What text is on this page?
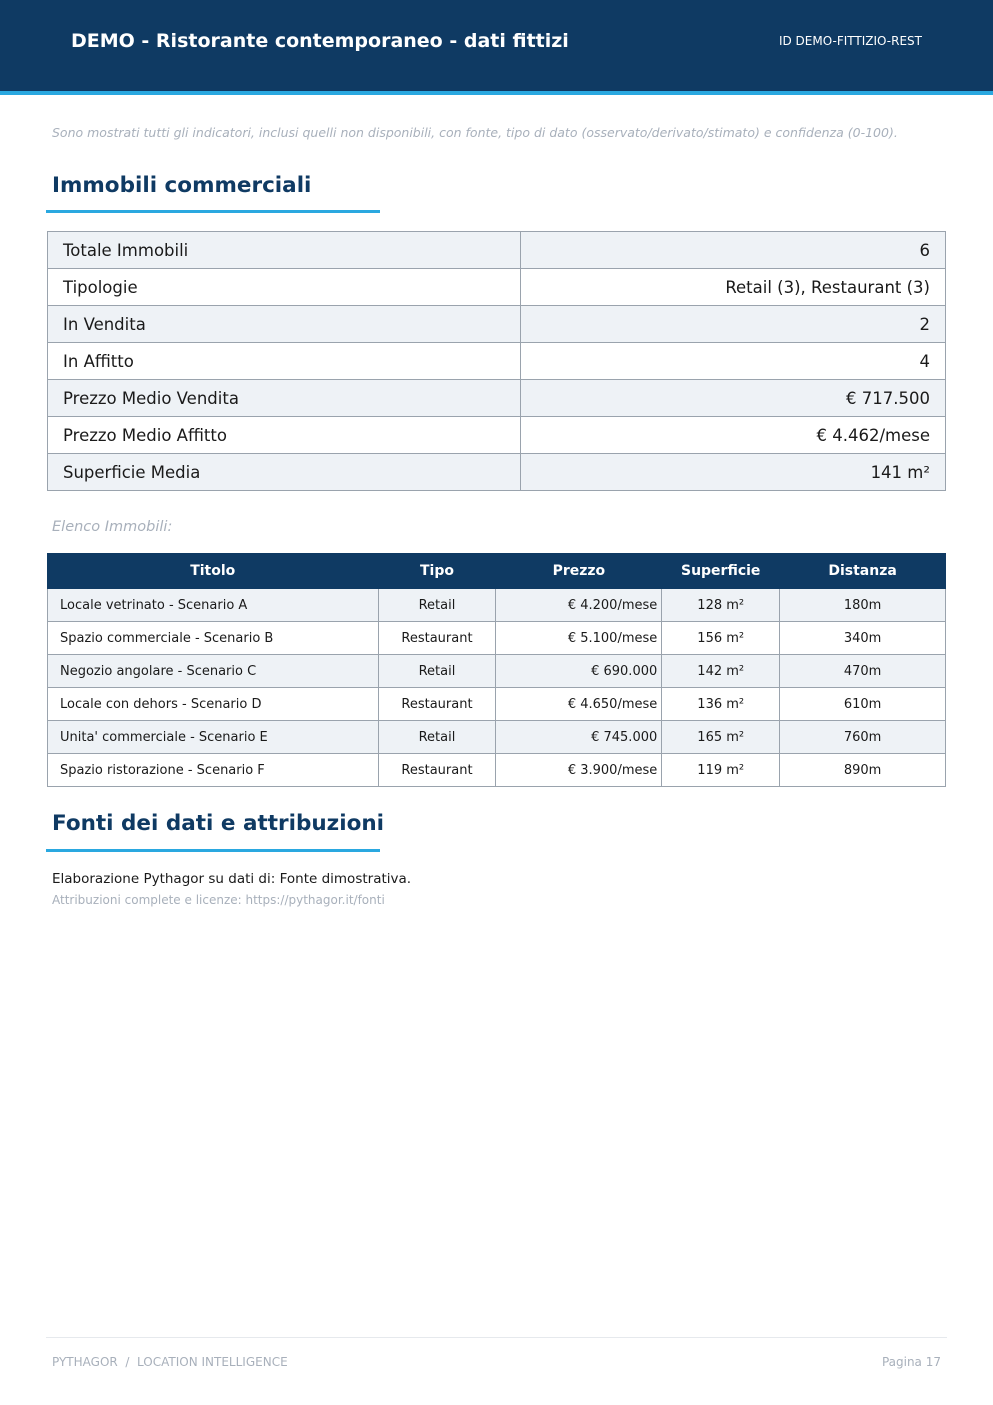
DEMO - Ristorante contemporaneo - dati fittizi	ID DEMO-FITTIZIO-REST
Sono mostrati tutti gli indicatori, inclusi quelli non disponibili, con fonte, tipo di dato (osservato/derivato/stimato) e confidenza (0-100).
Immobili commerciali
Totale Immobili	6
Tipologie	Retail (3), Restaurant (3)
In Vendita	2
In Affitto	4
Prezzo Medio Vendita	€ 717.500
Prezzo Medio Affitto	€ 4.462/mese
Superficie Media	141 m²
Elenco Immobili:
Titolo	Tipo	Prezzo	Superficie	Distanza
Locale vetrinato - Scenario A	Retail	€ 4.200/mese	128 m²	180m
Spazio commerciale - Scenario B	Restaurant	€ 5.100/mese	156 m²	340m
Negozio angolare - Scenario C	Retail	€ 690.000	142 m²	470m
Locale con dehors - Scenario D	Restaurant	€ 4.650/mese	136 m²	610m
Unita' commerciale - Scenario E	Retail	€ 745.000	165 m²	760m
Spazio ristorazione - Scenario F	Restaurant	€ 3.900/mese	119 m²	890m
Fonti dei dati e attribuzioni
Elaborazione Pythagor su dati di: Fonte dimostrativa.
Attribuzioni complete e licenze: https://pythagor.it/fonti
PYTHAGOR  /  LOCATION INTELLIGENCE	Pagina 17
